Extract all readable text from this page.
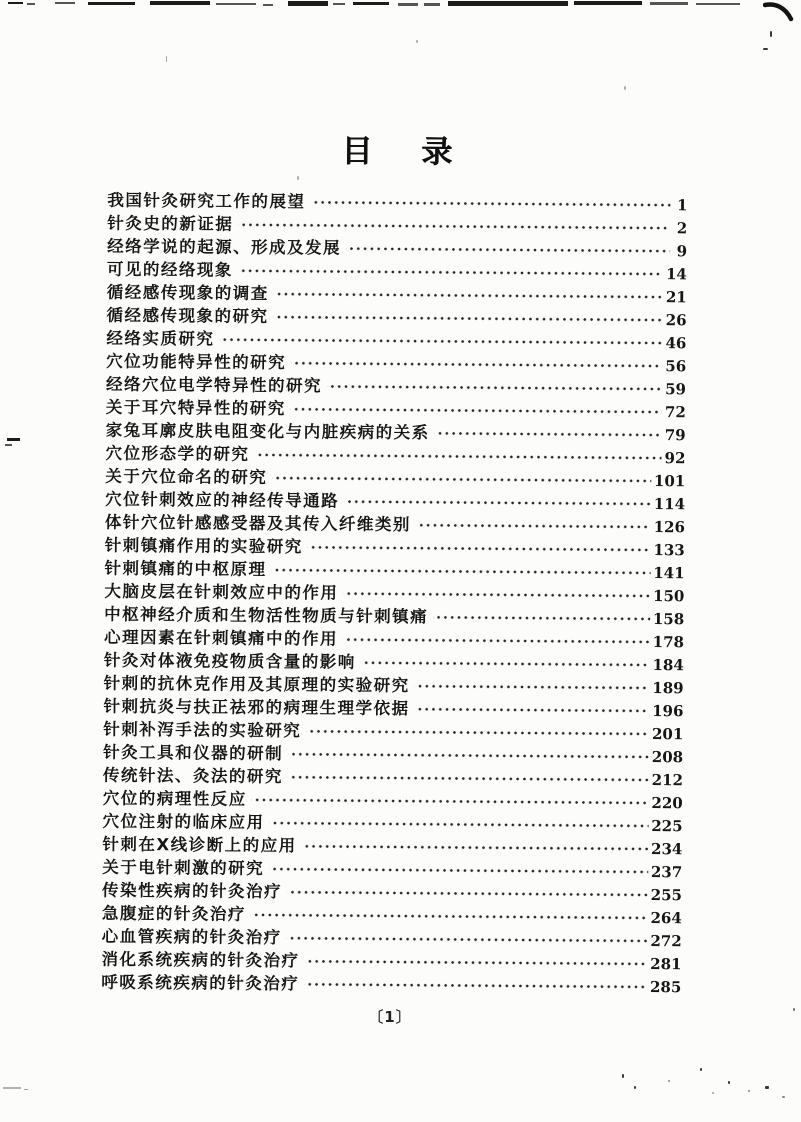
目 录
我国针灸研究工作的展望	1
针灸史的新证据	2
经络学说的起源、形成及发展	9
可见的经络现象	14
循经感传现象的调查	21
循经感传现象的研究	26
经络实质研究	46
穴位功能特异性的研究	56
经络穴位电学特异性的研究	59
关于耳穴特异性的研究	72
家兔耳廓皮肤电阻变化与内脏疾病的关系	79
穴位形态学的研究	92
关于穴位命名的研究	101
穴位针刺效应的神经传导通路	114
体针穴位针感感受器及其传入纤维类别	126
针刺镇痛作用的实验研究	133
针刺镇痛的中枢原理	141
大脑皮层在针刺效应中的作用	150
中枢神经介质和生物活性物质与针刺镇痛	158
心理因素在针刺镇痛中的作用	178
针灸对体液免疫物质含量的影响	184
针刺的抗休克作用及其原理的实验研究	189
针刺抗炎与扶正祛邪的病理生理学依据	196
针刺补泻手法的实验研究	201
针灸工具和仪器的研制	208
传统针法、灸法的研究	212
穴位的病理性反应	220
穴位注射的临床应用	225
针刺在X线诊断上的应用	234
关于电针刺激的研究	237
传染性疾病的针灸治疗	255
急腹症的针灸治疗	264
心血管疾病的针灸治疗	272
消化系统疾病的针灸治疗	281
呼吸系统疾病的针灸治疗	285
〔1〕
